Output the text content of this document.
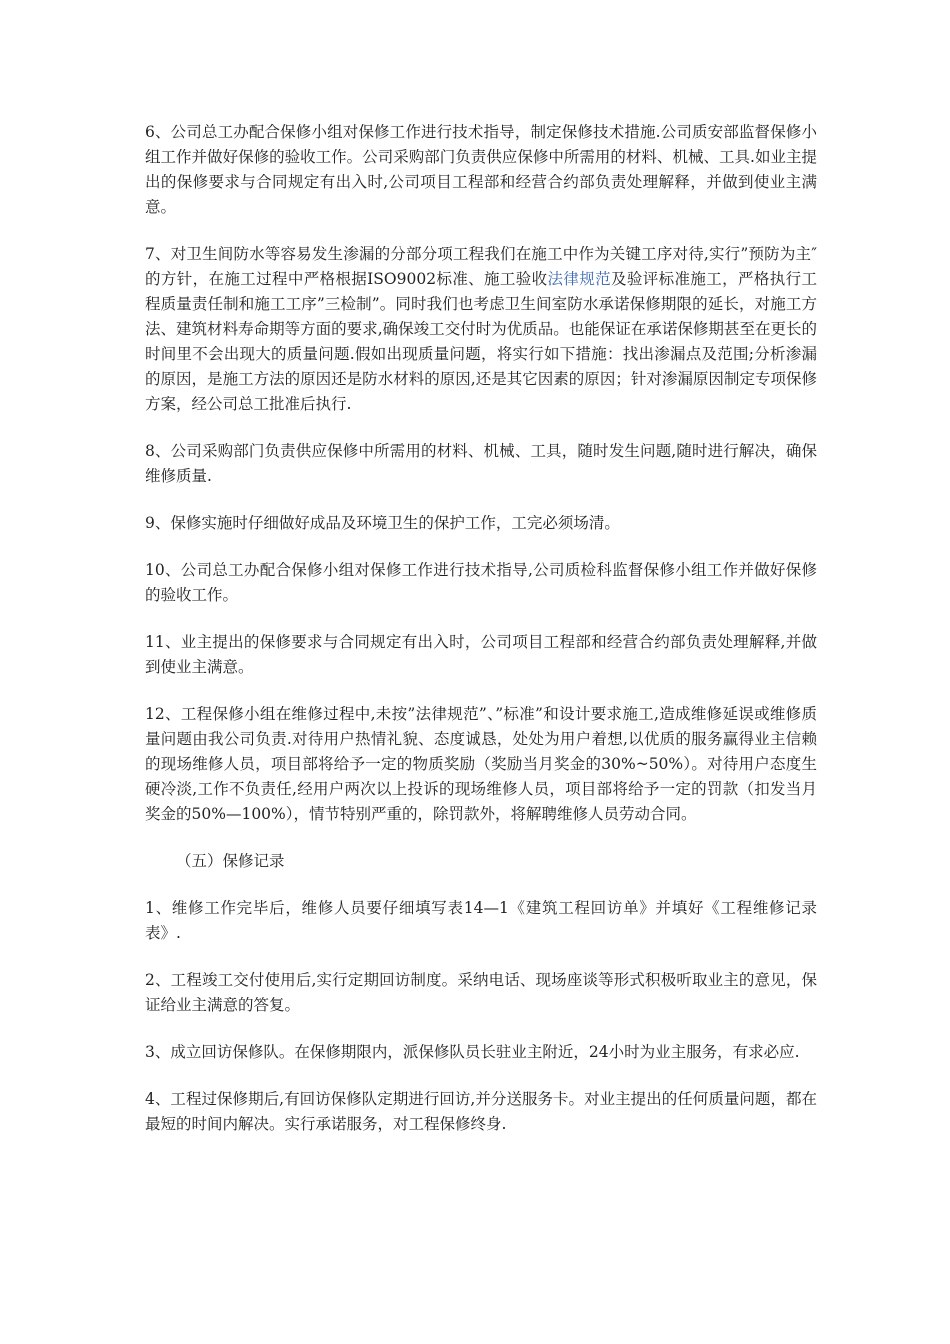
6、公司总工办配合保修小组对保修工作进行技术指导，制定保修技术措施.公司质安部监督保修小组工作并做好保修的验收工作。公司采购部门负责供应保修中所需用的材料、机械、工具.如业主提出的保修要求与合同规定有出入时,公司项目工程部和经营合约部负责处理解释，并做到使业主满意。

7、对卫生间防水等容易发生渗漏的分部分项工程我们在施工中作为关键工序对待,实行”预防为主″的方针，在施工过程中严格根据ISO9002标准、施工验收法律规范及验评标准施工，严格执行工程质量责任制和施工工序”三检制”。同时我们也考虑卫生间室防水承诺保修期限的延长，对施工方法、建筑材料寿命期等方面的要求,确保竣工交付时为优质品。也能保证在承诺保修期甚至在更长的时间里不会出现大的质量问题.假如出现质量问题，将实行如下措施：找出渗漏点及范围;分析渗漏的原因，是施工方法的原因还是防水材料的原因,还是其它因素的原因；针对渗漏原因制定专项保修方案，经公司总工批准后执行.

8、公司采购部门负责供应保修中所需用的材料、机械、工具，随时发生问题,随时进行解决，确保维修质量.

9、保修实施时仔细做好成品及环境卫生的保护工作，工完必须场清。

10、公司总工办配合保修小组对保修工作进行技术指导,公司质检科监督保修小组工作并做好保修的验收工作。

11、业主提出的保修要求与合同规定有出入时，公司项目工程部和经营合约部负责处理解释,并做到使业主满意。

12、工程保修小组在维修过程中,未按”法律规范”、”标准”和设计要求施工,造成维修延误或维修质量问题由我公司负责.对待用户热情礼貌、态度诚恳，处处为用户着想,以优质的服务赢得业主信赖的现场维修人员，项目部将给予一定的物质奖励（奖励当月奖金的30%~50%）。对待用户态度生硬冷淡,工作不负责任,经用户两次以上投诉的现场维修人员，项目部将给予一定的罚款（扣发当月奖金的50%—100%），情节特别严重的，除罚款外，将解聘维修人员劳动合同。

（五）保修记录

1、维修工作完毕后，维修人员要仔细填写表14—1《建筑工程回访单》并填好《工程维修记录表》.

2、工程竣工交付使用后,实行定期回访制度。采纳电话、现场座谈等形式积极听取业主的意见，保证给业主满意的答复。

3、成立回访保修队。在保修期限内，派保修队员长驻业主附近，24小时为业主服务，有求必应.

4、工程过保修期后,有回访保修队定期进行回访,并分送服务卡。对业主提出的任何质量问题，都在最短的时间内解决。实行承诺服务，对工程保修终身.
